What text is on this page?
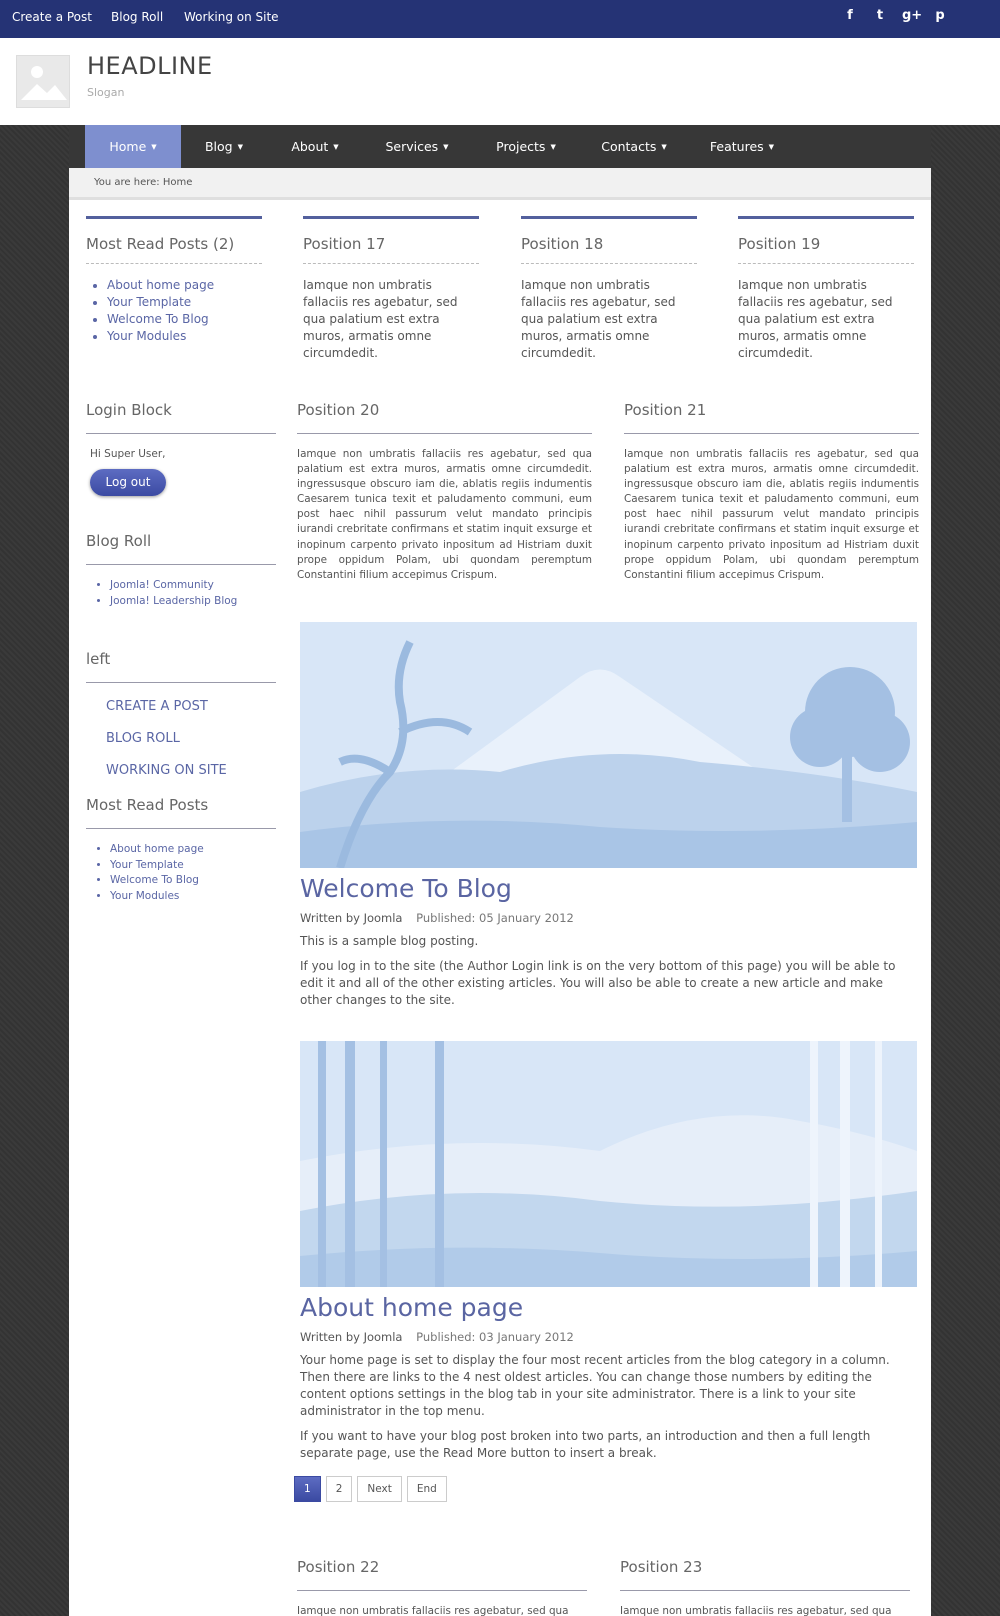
Create a Post Blog Roll Working on Site	f	t	g+ p
HEADLINE
Slogan
Home ▼	Blog ▼	About ▼	Services ▼	Projects ▼	Contacts ▼	Features ▼
You are here: Home
Most Read Posts (2)
• About home page
• Your Template
• Welcome To Blog
• Your Modules
Position 17

Iamque non umbratis fallaciis res agebatur, sed qua palatium est extra muros, armatis omne circumdedit.

Position 18

Iamque non umbratis fallaciis res agebatur, sed qua palatium est extra muros, armatis omne circumdedit.

Position 19

Iamque non umbratis fallaciis res agebatur, sed qua palatium est extra muros, armatis omne circumdedit.

Login Block
Hi Super User,
Log out
Blog Roll
• Joomla! Community
• Joomla! Leadership Blog
left
CREATE A POST
BLOG ROLL
WORKING ON SITE
Most Read Posts
• About home page
• Your Template
• Welcome To Blog
• Your Modules
Position 20

Iamque non umbratis fallaciis res agebatur, sed qua palatium est extra muros, armatis omne circumdedit. ingressusque obscuro iam die, ablatis regiis indumentis Caesarem tunica texit et paludamento communi, eum post haec nihil passurum velut mandato principis iurandi crebritate confirmans et statim inquit exsurge et inopinum carpento privato inpositum ad Histriam duxit prope oppidum Polam, ubi quondam peremptum Constantini filium accepimus Crispum.

Position 21

Iamque non umbratis fallaciis res agebatur, sed qua palatium est extra muros, armatis omne circumdedit. ingressusque obscuro iam die, ablatis regiis indumentis Caesarem tunica texit et paludamento communi, eum post haec nihil passurum velut mandato principis iurandi crebritate confirmans et statim inquit exsurge et inopinum carpento privato inpositum ad Histriam duxit prope oppidum Polam, ubi quondam peremptum Constantini filium accepimus Crispum.

Welcome To Blog
Written by Joomla Published: 05 January 2012

This is a sample blog posting.

If you log in to the site (the Author Login link is on the very bottom of this page) you will be able to edit it and all of the other existing articles. You will also be able to create a new article and make other changes to the site.

About home page
Written by Joomla Published: 03 January 2012

Your home page is set to display the four most recent articles from the blog category in a column. Then there are links to the 4 nest oldest articles. You can change those numbers by editing the content options settings in the blog tab in your site administrator. There is a link to your site administrator in the top menu.

If you want to have your blog post broken into two parts, an introduction and then a full length separate page, use the Read More button to insert a break.

1	2	Next	End
Position 22

Iamque non umbratis fallaciis res agebatur, sed qua

Position 23

Iamque non umbratis fallaciis res agebatur, sed qua
